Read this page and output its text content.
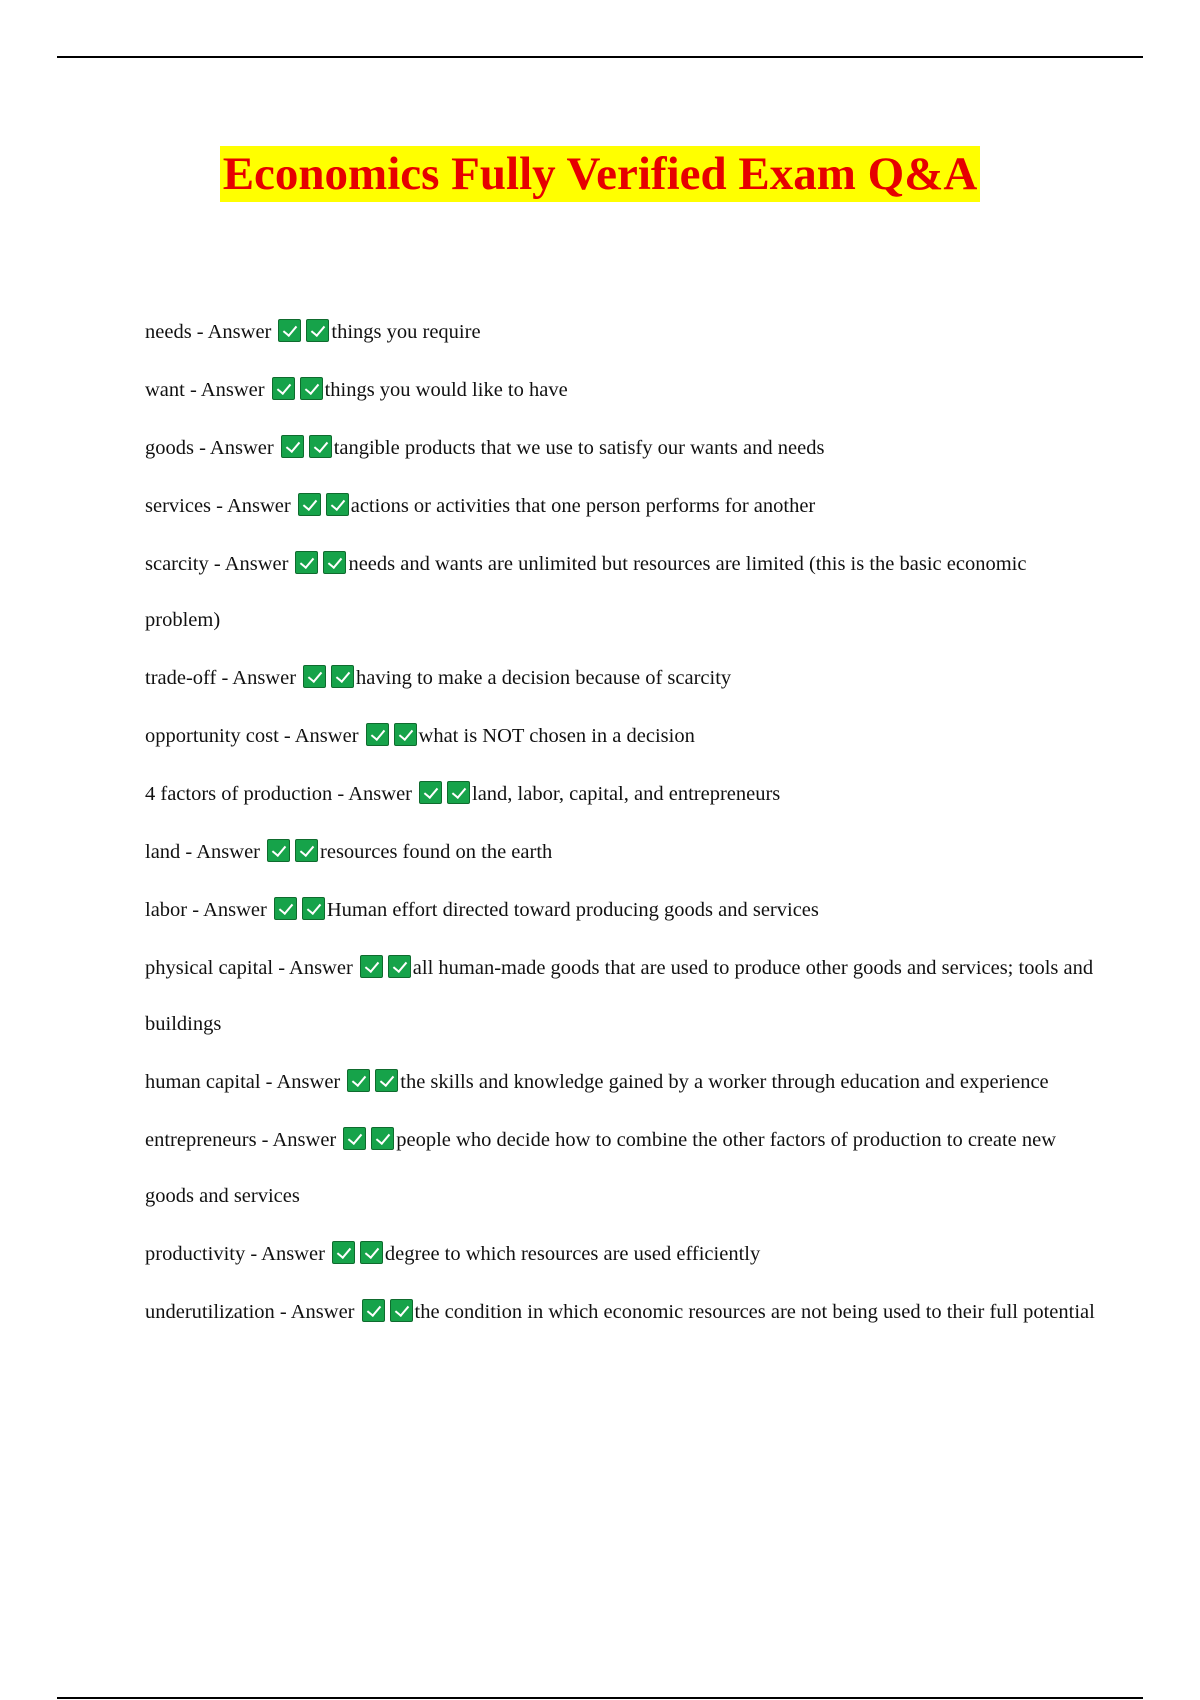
Economics Fully Verified Exam Q&A
needs - Answer	things you require
want - Answer	things you would like to have
goods - Answer	tangible products that we use to satisfy our wants and needs
services - Answer	actions or activities that one person performs for another
scarcity - Answer	needs and wants are unlimited but resources are limited (this is the basic economic problem)
trade-off - Answer	having to make a decision because of scarcity
opportunity cost - Answer	what is NOT chosen in a decision
4 factors of production - Answer	land, labor, capital, and entrepreneurs
land - Answer	resources found on the earth
labor - Answer	Human effort directed toward producing goods and services
physical capital - Answer	all human-made goods that are used to produce other goods and services; tools and buildings
human capital - Answer	the skills and knowledge gained by a worker through education and experience
entrepreneurs - Answer	people who decide how to combine the other factors of production to create new goods and services
productivity - Answer	degree to which resources are used efficiently
underutilization - Answer	the condition in which economic resources are not being used to their full potential
